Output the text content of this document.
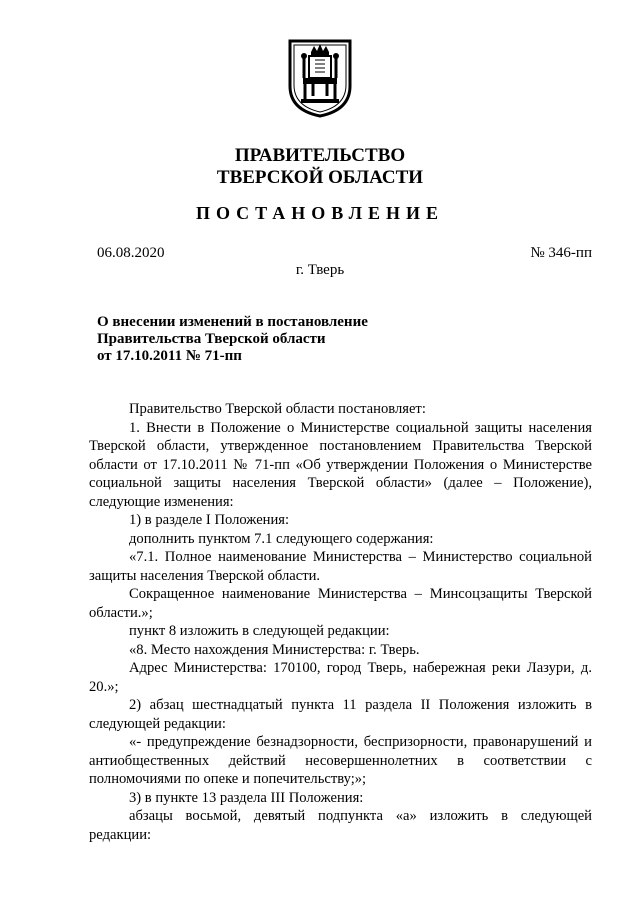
ПРАВИТЕЛЬСТВО
ТВЕРСКОЙ ОБЛАСТИ
ПОСТАНОВЛЕНИЕ
06.08.2020	№ 346-пп
г. Тверь
О внесении изменений в постановление
Правительства Тверской области
от 17.10.2011 № 71-пп

Правительство Тверской области постановляет:

1. Внести в Положение о Министерстве социальной защиты населения Тверской области, утвержденное постановлением Правительства Тверской области от 17.10.2011 № 71-пп «Об утверждении Положения о Министерстве социальной защиты населения Тверской области» (далее – Положение), следующие изменения:

1) в разделе I Положения:

дополнить пунктом 7.1 следующего содержания:

«7.1. Полное наименование Министерства – Министерство социальной защиты населения Тверской области.

Сокращенное наименование Министерства – Минсоцзащиты Тверской области.»;

пункт 8 изложить в следующей редакции:

«8. Место нахождения Министерства: г. Тверь.

Адрес Министерства: 170100, город Тверь, набережная реки Лазури, д. 20.»;

2) абзац шестнадцатый пункта 11 раздела II Положения изложить в следующей редакции:

«- предупреждение безнадзорности, беспризорности, правонарушений и антиобщественных действий несовершеннолетних в соответствии с полномочиями по опеке и попечительству;»;

3) в пункте 13 раздела III Положения:

абзацы восьмой, девятый подпункта «а» изложить в следующей редакции:
